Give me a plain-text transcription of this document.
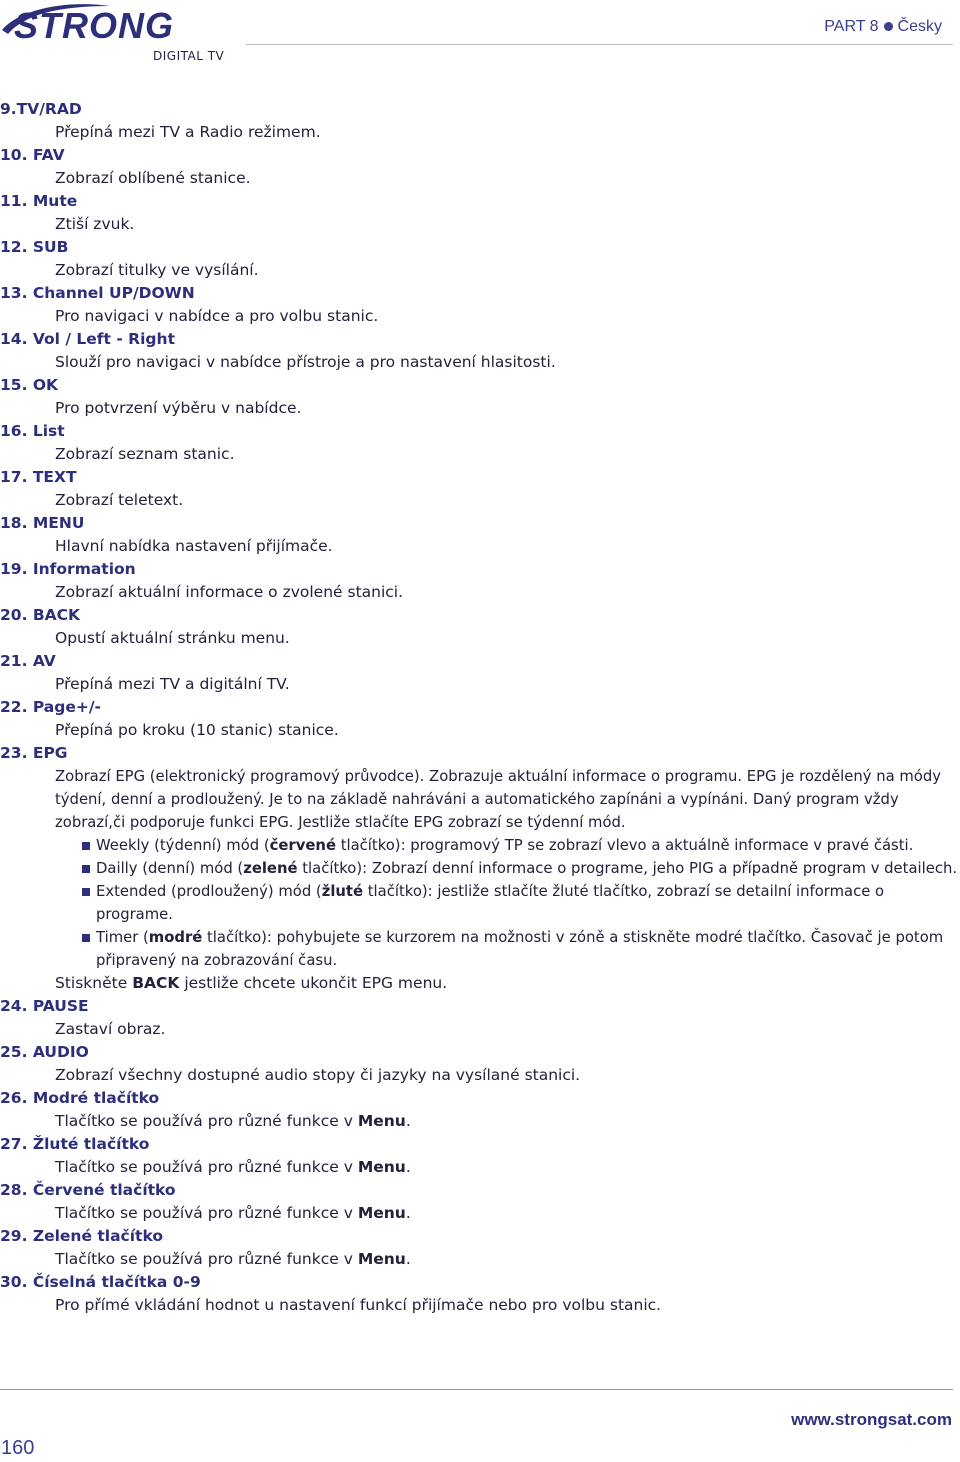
STRONG
DIGITAL TV
PART 8 Česky

9.TV/RAD

Přepíná mezi TV a Radio režimem.

10. FAV

Zobrazí oblíbené stanice.

11. Mute

Ztiší zvuk.

12. SUB

Zobrazí titulky ve vysílání.

13. Channel UP/DOWN

Pro navigaci v nabídce a pro volbu stanic.

14. Vol / Left - Right

Slouží pro navigaci v nabídce přístroje a pro nastavení hlasitosti.

15. OK

Pro potvrzení výběru v nabídce.

16. List

Zobrazí seznam stanic.

17. TEXT

Zobrazí teletext.

18. MENU

Hlavní nabídka nastavení přijímače.

19. Information

Zobrazí aktuální informace o zvolené stanici.

20. BACK

Opustí aktuální stránku menu.

21. AV

Přepíná mezi TV a digitální TV.

22. Page+/-

Přepíná po kroku (10 stanic) stanice.

23. EPG

Zobrazí EPG (elektronický programový průvodce). Zobrazuje aktuální informace o programu. EPG je rozdělený na módy týdení, denní a prodloužený. Je to na základě nahráváni a automatického zapínáni a vypínáni. Daný program vždy zobrazí,či podporuje funkci EPG. Jestliže stlačíte EPG zobrazí se týdenní mód.

Weekly (týdenní) mód (červené tlačítko): programový TP se zobrazí vlevo a aktuálně informace v pravé části.
Dailly (denní) mód (zelené tlačítko): Zobrazí denní informace o programe, jeho PIG a případně program v detailech.
Extended (prodloužený) mód (žluté tlačítko): jestliže stlačíte žluté tlačítko, zobrazí se detailní informace o programe.
Timer (modré tlačítko): pohybujete se kurzorem na možnosti v zóně a stiskněte modré tlačítko. Časovač je potom připravený na zobrazování času.

Stiskněte BACK jestliže chcete ukončit EPG menu.

24. PAUSE

Zastaví obraz.

25. AUDIO

Zobrazí všechny dostupné audio stopy či jazyky na vysílané stanici.

26. Modré tlačítko

Tlačítko se používá pro různé funkce v Menu.

27. Žluté tlačítko

Tlačítko se používá pro různé funkce v Menu.

28. Červené tlačítko

Tlačítko se používá pro různé funkce v Menu.

29. Zelené tlačítko

Tlačítko se používá pro různé funkce v Menu.

30. Číselná tlačítka 0-9

Pro přímé vkládání hodnot u nastavení funkcí přijímače nebo pro volbu stanic.

160
www.strongsat.com
